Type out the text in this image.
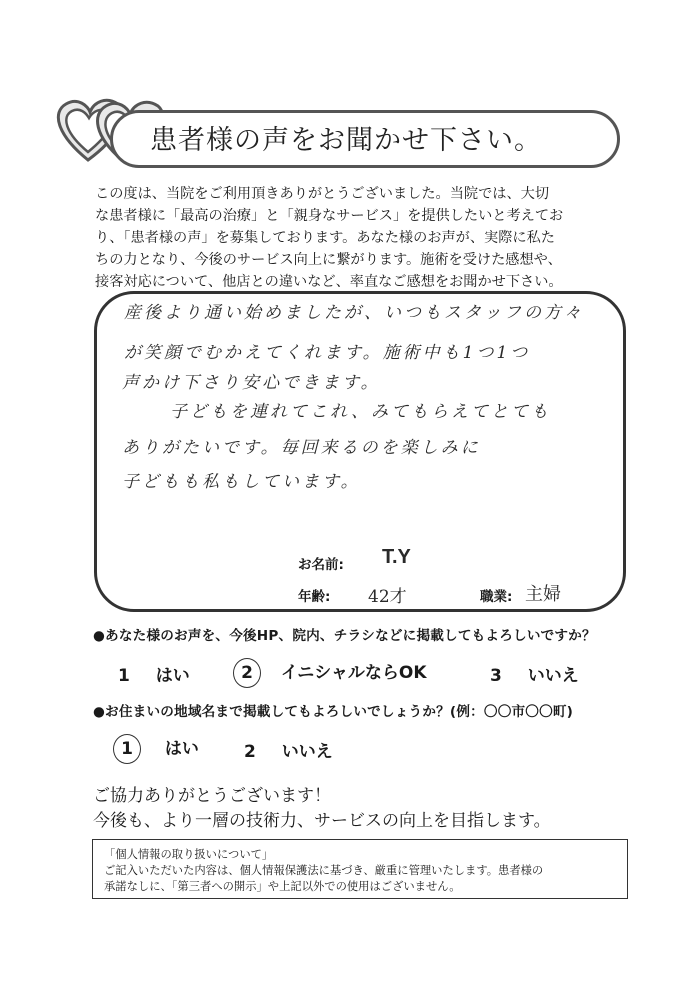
患者様の声をお聞かせ下さい。
この度は、当院をご利用頂きありがとうございました。当院では、大切
な患者様に「最高の治療」と「親身なサービス」を提供したいと考えてお
り、「患者様の声」を募集しております。あなた様のお声が、実際に私た
ちの力となり、今後のサービス向上に繋がります。施術を受けた感想や、
接客対応について、他店との違いなど、率直なご感想をお聞かせ下さい。
産後より通い始めましたが、いつもスタッフの方々
が笑顔でむかえてくれます。施術中も1つ1つ
声かけ下さり安心できます。
子どもを連れてこれ、みてもらえてとても
ありがたいです。毎回来るのを楽しみに
子どもも私もしています。
お名前: T.Y
年齢: 42才	職業: 主婦
●あなた様のお声を、今後HP、院内、チラシなどに掲載してもよろしいですか？
1 はい	2 イニシャルならOK	3 いいえ
●お住まいの地域名まで掲載してもよろしいでしょうか？(例：〇〇市〇〇町)
1 はい	2 いいえ
ご協力ありがとうございます！
今後も、より一層の技術力、サービスの向上を目指します。
「個人情報の取り扱いについて」
ご記入いただいた内容は、個人情報保護法に基づき、厳重に管理いたします。患者様の
承諾なしに、「第三者への開示」や上記以外での使用はございません。
